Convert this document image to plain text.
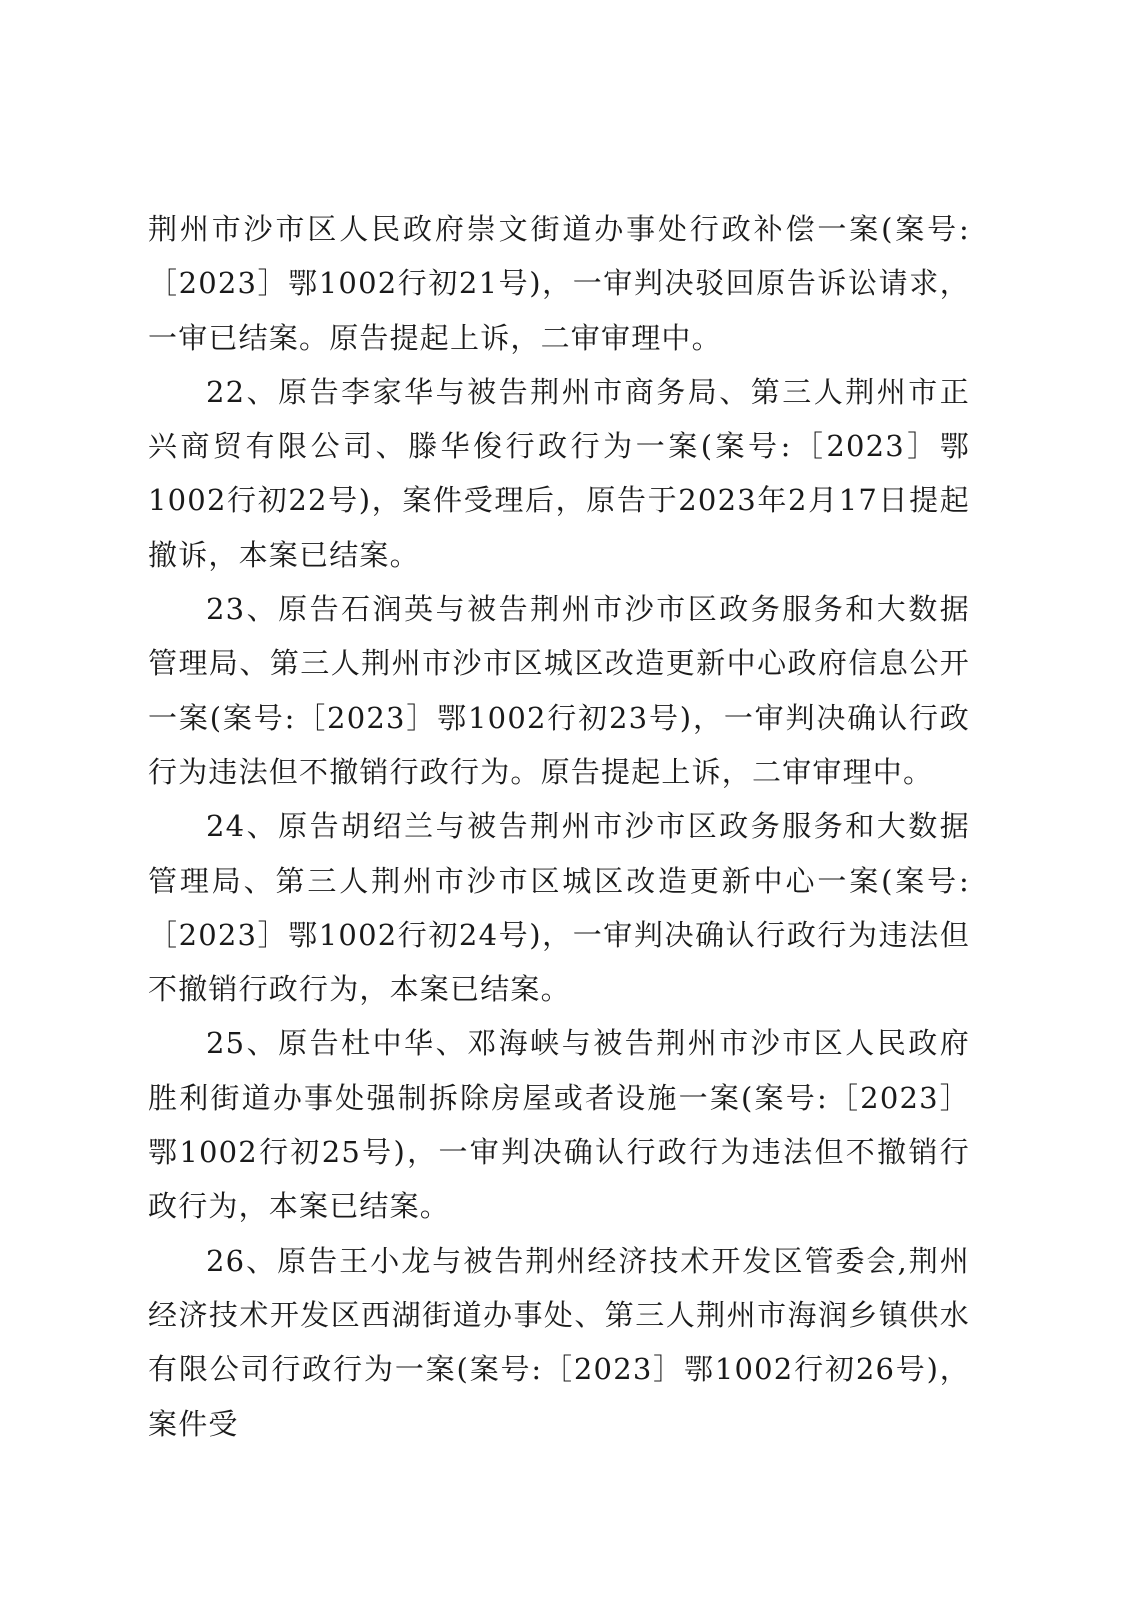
荆州市沙市区人民政府崇文街道办事处行政补偿一案(案号:［2023］鄂1002行初21号)，一审判决驳回原告诉讼请求，一审已结案。原告提起上诉，二审审理中。

22、原告李家华与被告荆州市商务局、第三人荆州市正兴商贸有限公司、滕华俊行政行为一案(案号:［2023］鄂1002行初22号)，案件受理后，原告于2023年2月17日提起撤诉，本案已结案。

23、原告石润英与被告荆州市沙市区政务服务和大数据管理局、第三人荆州市沙市区城区改造更新中心政府信息公开一案(案号:［2023］鄂1002行初23号)，一审判决确认行政行为违法但不撤销行政行为。原告提起上诉，二审审理中。

24、原告胡绍兰与被告荆州市沙市区政务服务和大数据管理局、第三人荆州市沙市区城区改造更新中心一案(案号:［2023］鄂1002行初24号)，一审判决确认行政行为违法但不撤销行政行为，本案已结案。

25、原告杜中华、邓海峡与被告荆州市沙市区人民政府胜利街道办事处强制拆除房屋或者设施一案(案号:［2023］鄂1002行初25号)，一审判决确认行政行为违法但不撤销行政行为，本案已结案。

26、原告王小龙与被告荆州经济技术开发区管委会,荆州经济技术开发区西湖街道办事处、第三人荆州市海润乡镇供水有限公司行政行为一案(案号:［2023］鄂1002行初26号)，案件受
